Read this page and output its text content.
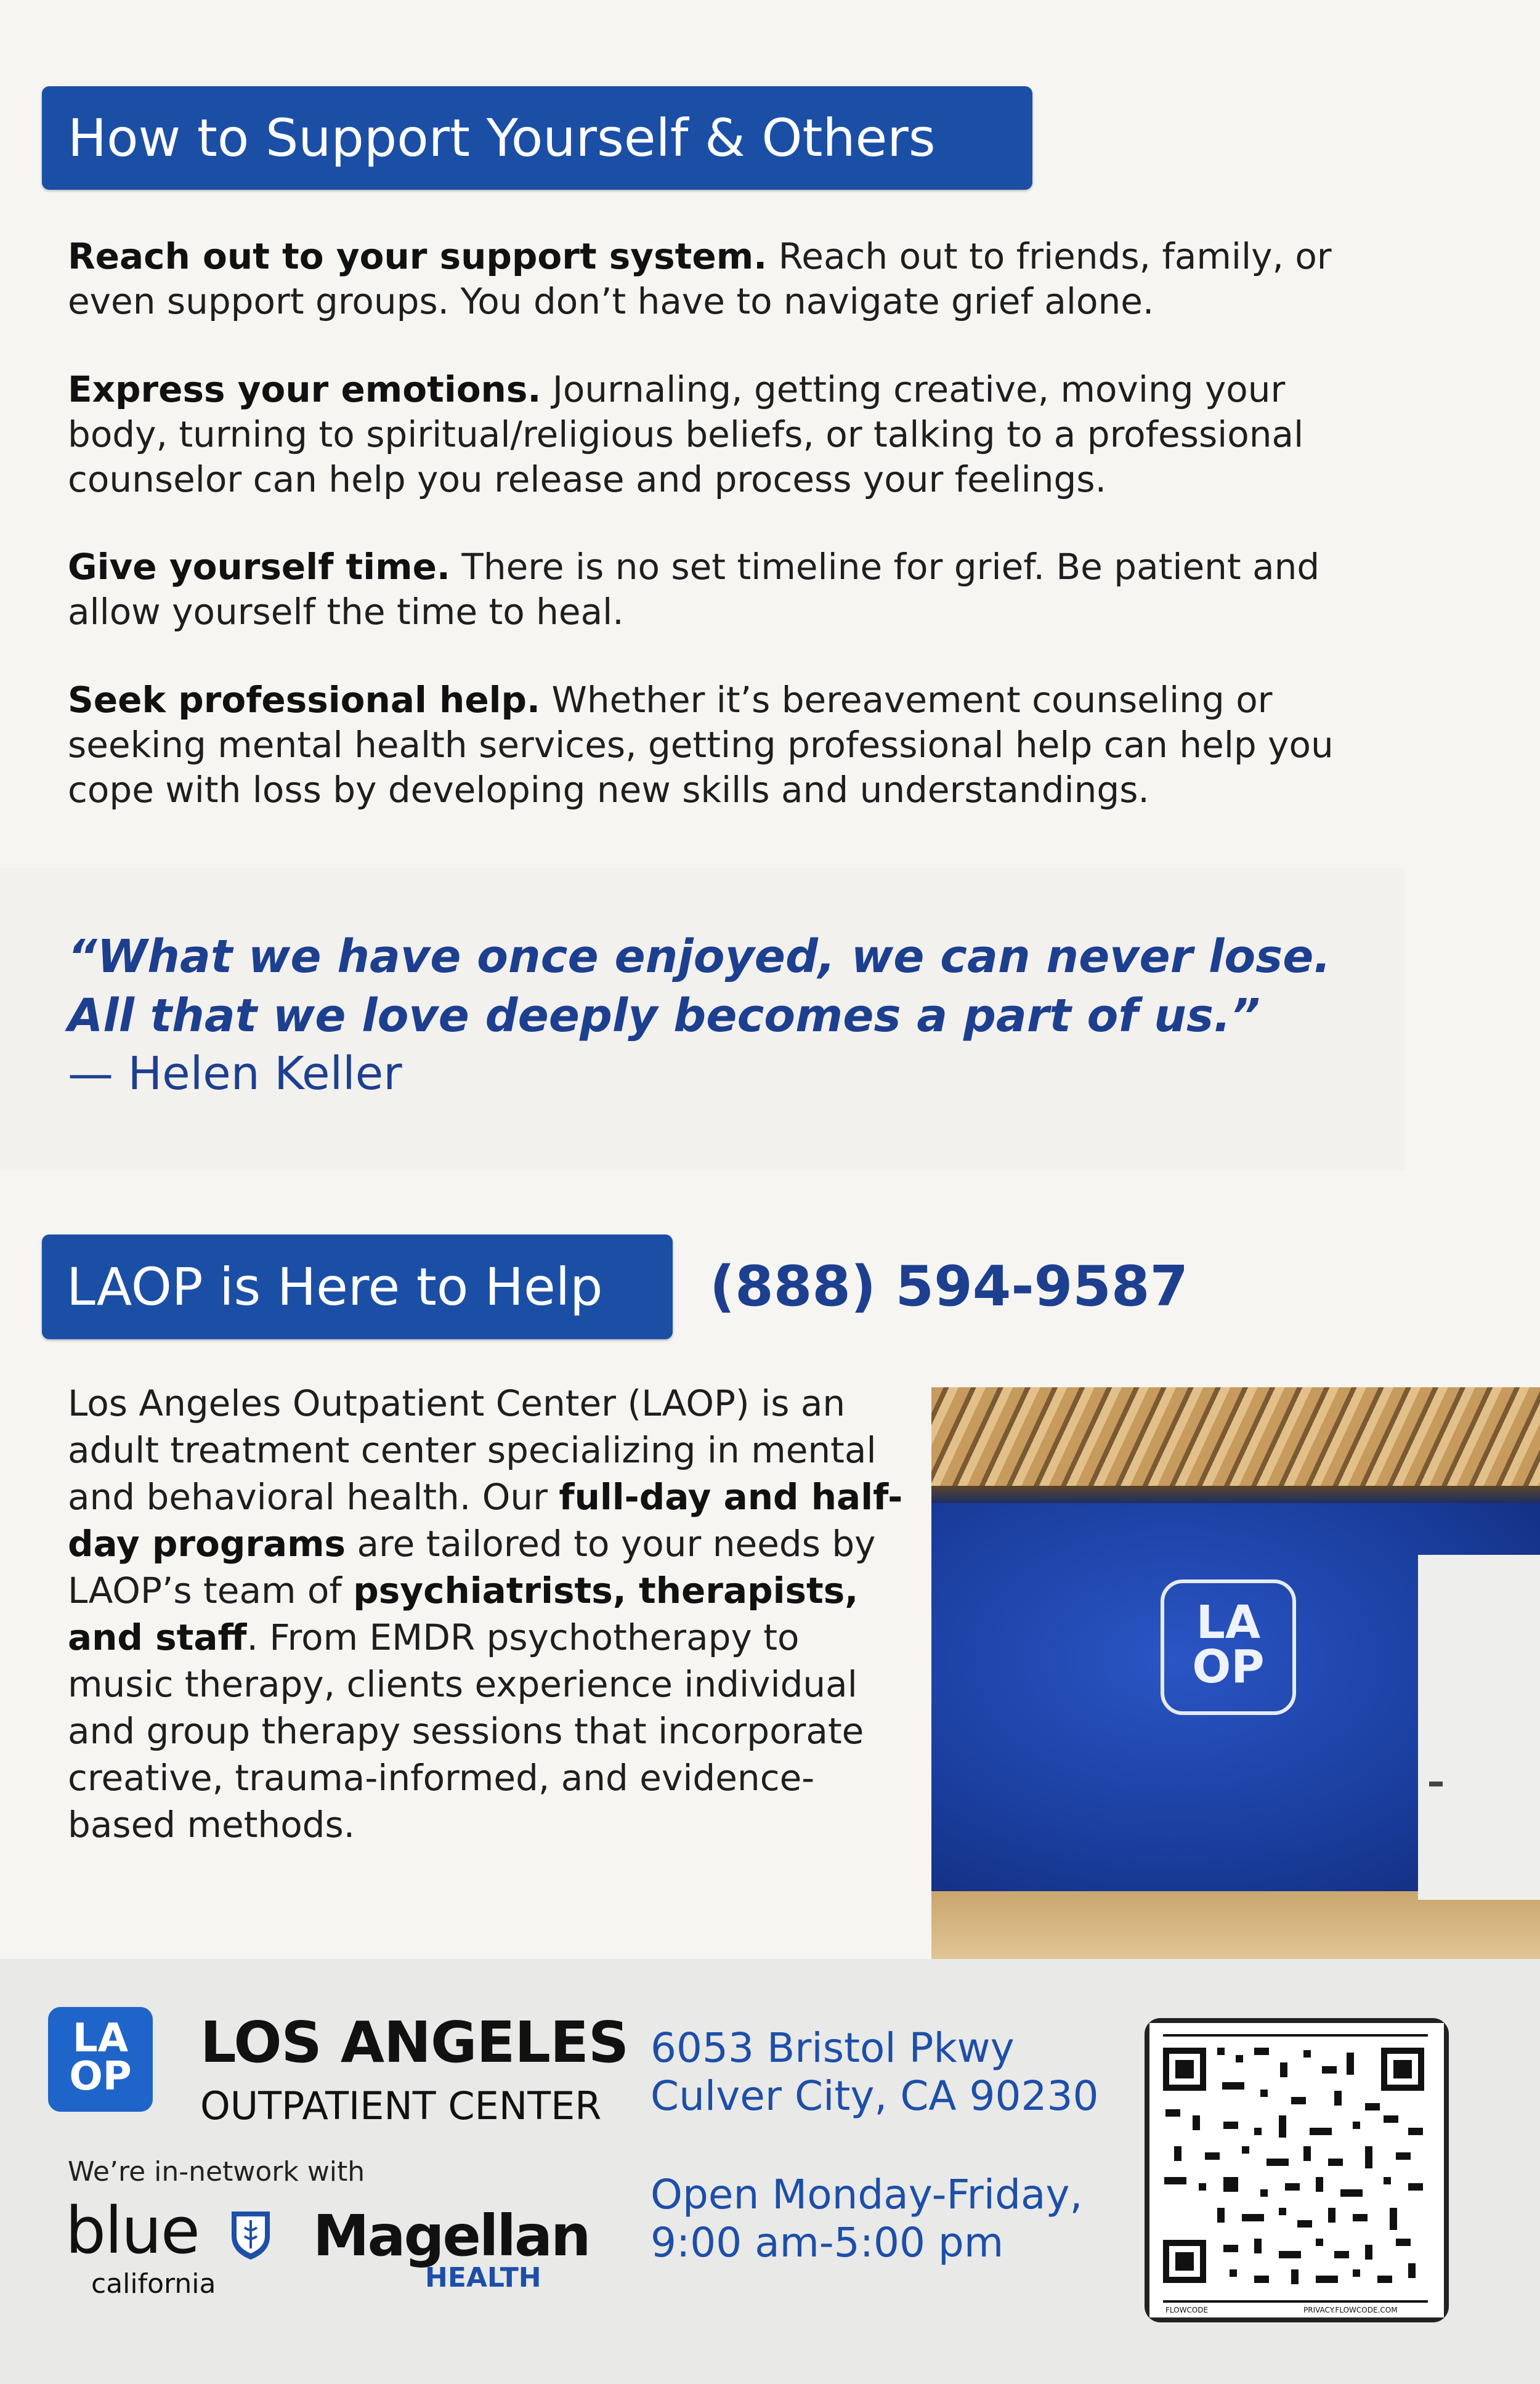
How to Support Yourself & Others
Reach out to your support system. Reach out to friends, family, or
even support groups. You don’t have to navigate grief alone.
Express your emotions. Journaling, getting creative, moving your
body, turning to spiritual/religious beliefs, or talking to a professional
counselor can help you release and process your feelings.
Give yourself time. There is no set timeline for grief. Be patient and
allow yourself the time to heal.
Seek professional help. Whether it’s bereavement counseling or
seeking mental health services, getting professional help can help you
cope with loss by developing new skills and understandings.
“What we have once enjoyed, we can never lose.
All that we love deeply becomes a part of us.”
— Helen Keller
LAOP is Here to Help (888) 594-9587
Los Angeles Outpatient Center (LAOP) is an adult treatment center specializing in mental and behavioral health. Our full-day and half-day programs are tailored to your needs by LAOP’s team of psychiatrists, therapists, and staff. From EMDR psychotherapy to music therapy, clients experience individual and group therapy sessions that incorporate creative, trauma-informed, and evidence-based methods.
LA
OP
LA
OP
LOS ANGELES
OUTPATIENT CENTER
We’re in-network with
blue
california
Magellan
HEALTH
6053 Bristol Pkwy
Culver City, CA 90230
Open Monday-Friday,
9:00 am-5:00 pm
FLOWCODE	PRIVACY.FLOWCODE.COM
